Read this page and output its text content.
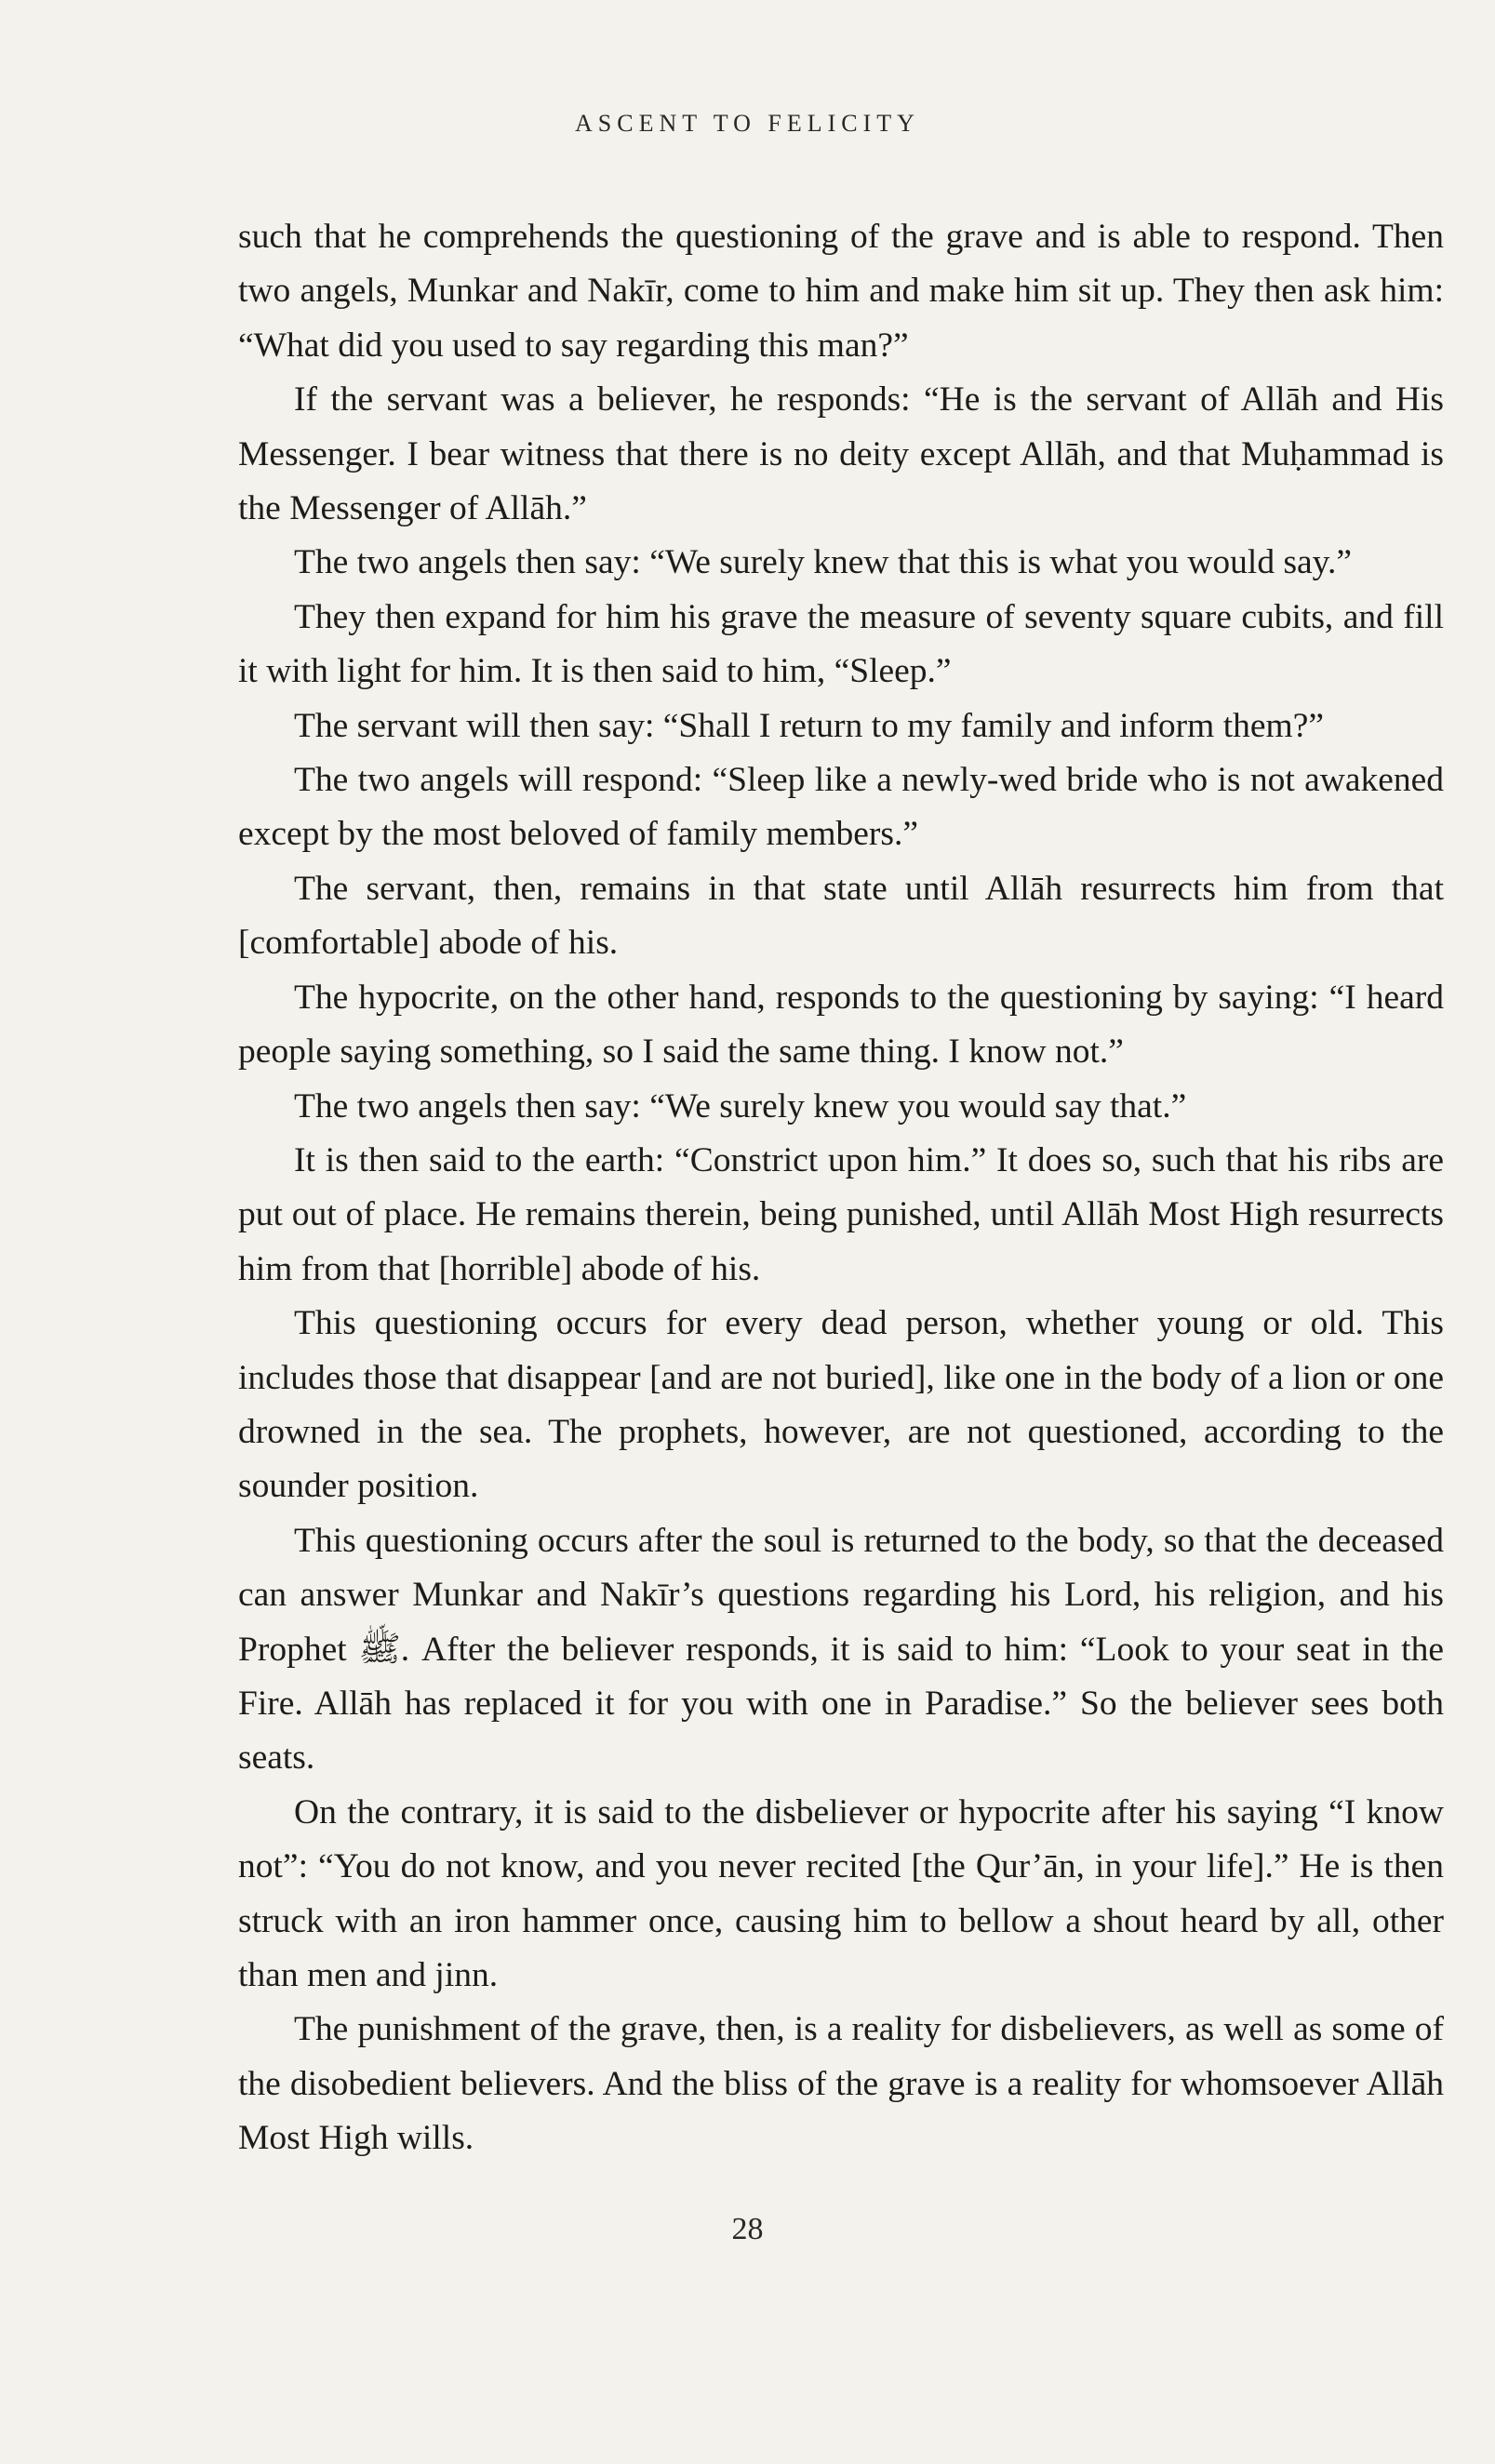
ASCENT TO FELICITY

such that he comprehends the questioning of the grave and is able to respond. Then two angels, Munkar and Nakīr, come to him and make him sit up. They then ask him: “What did you used to say regarding this man?”

If the servant was a believer, he responds: “He is the servant of Allāh and His Messenger. I bear witness that there is no deity except Allāh, and that Muḥammad is the Messenger of Allāh.”

The two angels then say: “We surely knew that this is what you would say.”

They then expand for him his grave the measure of seventy square cubits, and fill it with light for him. It is then said to him, “Sleep.”

The servant will then say: “Shall I return to my family and inform them?”

The two angels will respond: “Sleep like a newly-wed bride who is not awakened except by the most beloved of family members.”

The servant, then, remains in that state until Allāh resurrects him from that [comfortable] abode of his.

The hypocrite, on the other hand, responds to the questioning by saying: “I heard people saying something, so I said the same thing. I know not.”

The two angels then say: “We surely knew you would say that.”

It is then said to the earth: “Constrict upon him.” It does so, such that his ribs are put out of place. He remains therein, being punished, until Allāh Most High resurrects him from that [horrible] abode of his.

This questioning occurs for every dead person, whether young or old. This includes those that disappear [and are not buried], like one in the body of a lion or one drowned in the sea. The prophets, however, are not questioned, according to the sounder position.

This questioning occurs after the soul is returned to the body, so that the deceased can answer Munkar and Nakīr’s questions regarding his Lord, his religion, and his Prophet ﷺ. After the believer responds, it is said to him: “Look to your seat in the Fire. Allāh has replaced it for you with one in Paradise.” So the believer sees both seats.

On the contrary, it is said to the disbeliever or hypocrite after his saying “I know not”: “You do not know, and you never recited [the Qur’ān, in your life].” He is then struck with an iron hammer once, causing him to bellow a shout heard by all, other than men and jinn.

The punishment of the grave, then, is a reality for disbelievers, as well as some of the disobedient believers. And the bliss of the grave is a reality for whomsoever Allāh Most High wills.

28
